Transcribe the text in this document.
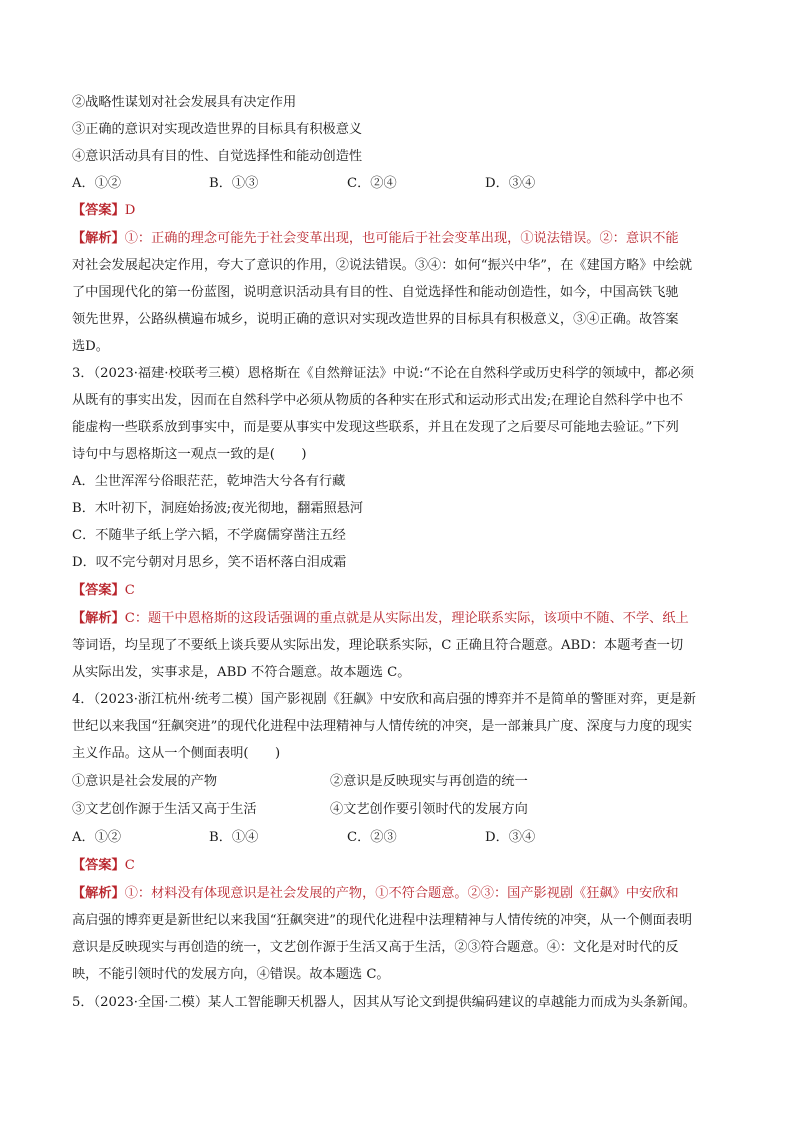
②战略性谋划对社会发展具有决定作用
③正确的意识对实现改造世界的目标具有积极意义
④意识活动具有目的性、自觉选择性和能动创造性
A．①②	B．①③	C．②④	D．③④
【答案】D
【解析】①：正确的理念可能先于社会变革出现，也可能后于社会变革出现，①说法错误。②：意识不能
对社会发展起决定作用，夸大了意识的作用，②说法错误。③④：如何“振兴中华”，在《建国方略》中绘就
了中国现代化的第一份蓝图，说明意识活动具有目的性、自觉选择性和能动创造性，如今，中国高铁飞驰
领先世界，公路纵横遍布城乡，说明正确的意识对实现改造世界的目标具有积极意义，③④正确。故答案
选D。
3．（2023·福建·校联考三模）恩格斯在《自然辩证法》中说:“不论在自然科学或历史科学的领域中，都必须
从既有的事实出发，因而在自然科学中必须从物质的各种实在形式和运动形式出发;在理论自然科学中也不
能虚构一些联系放到事实中，而是要从事实中发现这些联系，并且在发现了之后要尽可能地去验证。”下列
诗句中与恩格斯这一观点一致的是(　　)
A．尘世浑浑兮俗眼茫茫，乾坤浩大兮各有行藏
B．木叶初下，洞庭始扬波;夜光彻地，翻霜照悬河
C．不随芈子纸上学六韬，不学腐儒穿凿注五经
D．叹不完兮朝对月思乡，笑不语杯落白泪成霜
【答案】C
【解析】C：题干中恩格斯的这段话强调的重点就是从实际出发，理论联系实际，该项中不随、不学、纸上
等词语，均呈现了不要纸上谈兵要从实际出发，理论联系实际，C 正确且符合题意。ABD：本题考查一切
从实际出发，实事求是，ABD 不符合题意。故本题选 C。
4．（2023·浙江杭州·统考二模）国产影视剧《狂飙》中安欣和高启强的博弈并不是简单的警匪对弈，更是新
世纪以来我国“狂飙突进”的现代化进程中法理精神与人情传统的冲突，是一部兼具广度、深度与力度的现实
主义作品。这从一个侧面表明(　　)
①意识是社会发展的产物	②意识是反映现实与再创造的统一
③文艺创作源于生活又高于生活	④文艺创作要引领时代的发展方向
A．①②	B．①④	C．②③	D．③④
【答案】C
【解析】①：材料没有体现意识是社会发展的产物，①不符合题意。②③：国产影视剧《狂飙》中安欣和
高启强的博弈更是新世纪以来我国“狂飙突进”的现代化进程中法理精神与人情传统的冲突，从一个侧面表明
意识是反映现实与再创造的统一，文艺创作源于生活又高于生活，②③符合题意。④：文化是对时代的反
映，不能引领时代的发展方向，④错误。故本题选 C。
5．（2023·全国·二模）某人工智能聊天机器人，因其从写论文到提供编码建议的卓越能力而成为头条新闻。
